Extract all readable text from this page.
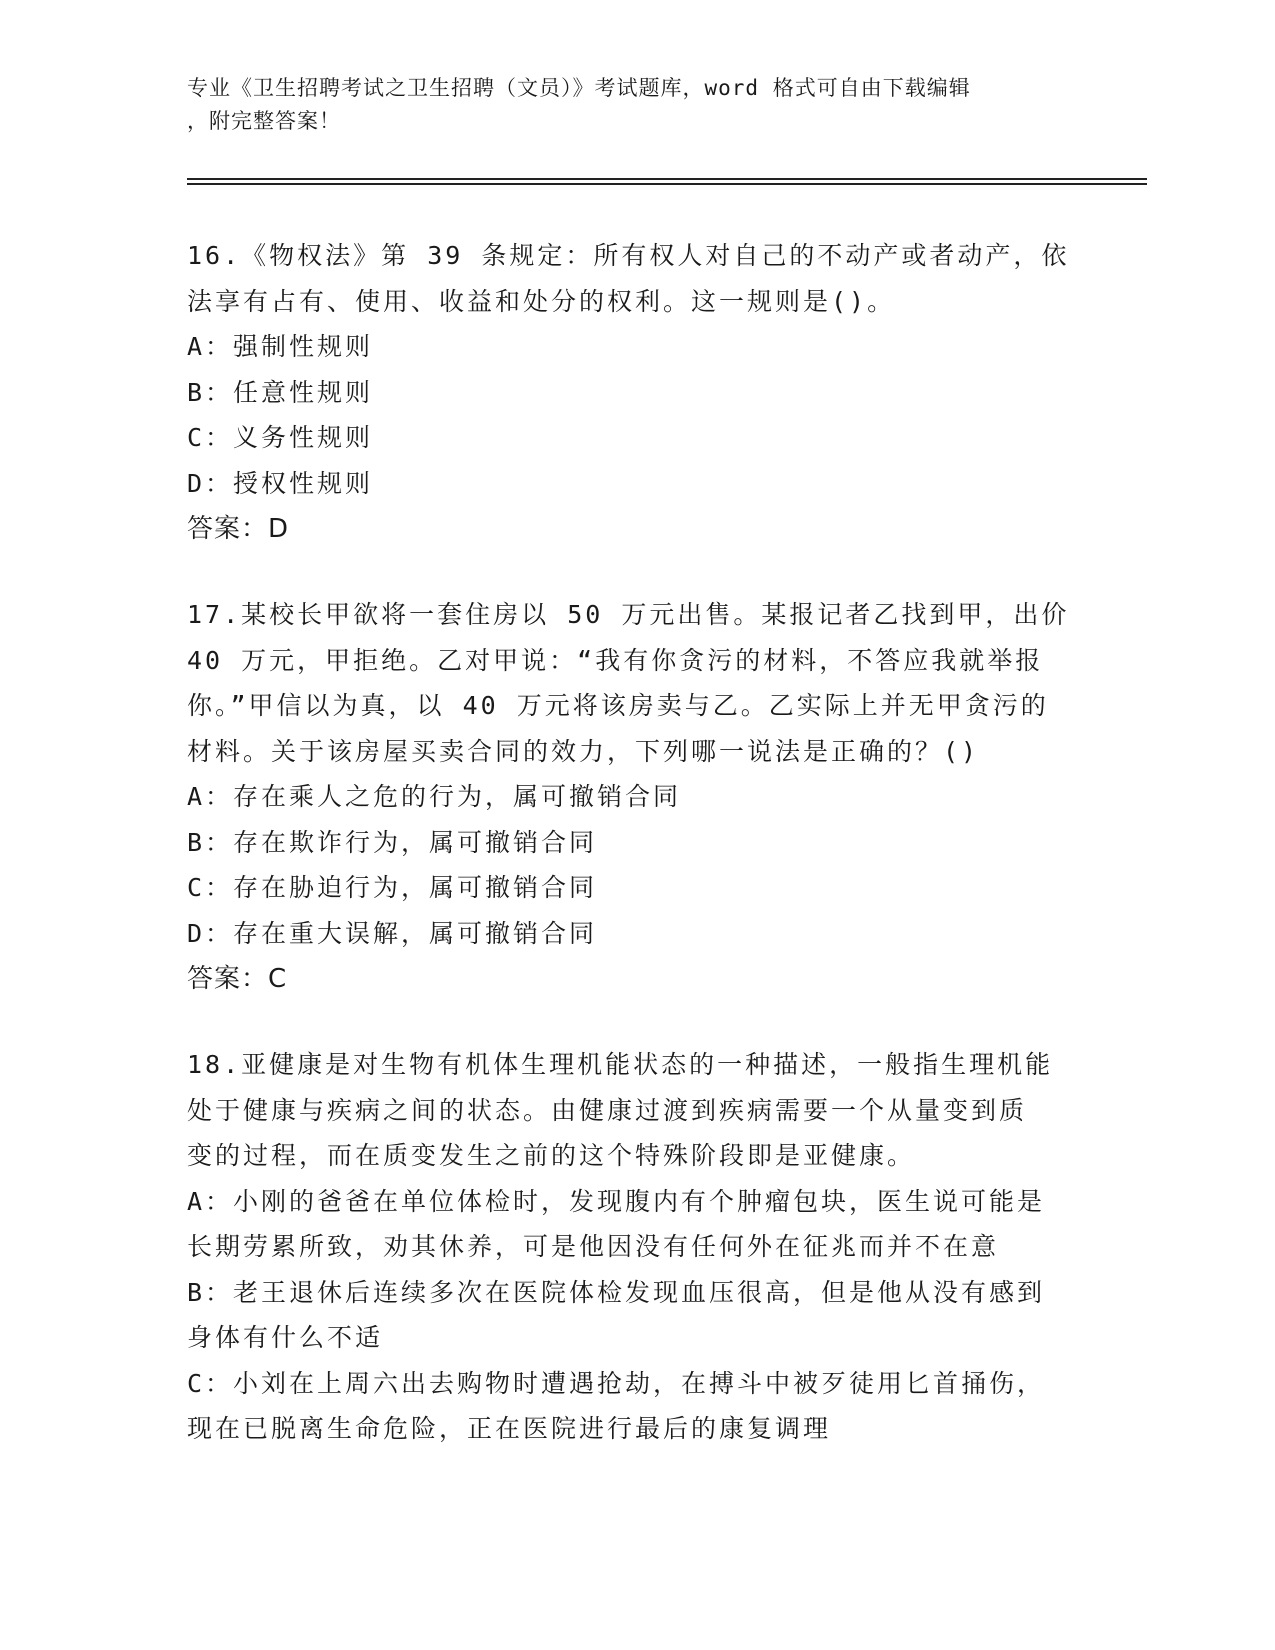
专业《卫生招聘考试之卫生招聘（文员）》考试题库，word 格式可自由下载编辑
，附完整答案！

16.《物权法》第 39 条规定：所有权人对自己的不动产或者动产，依

法享有占有、使用、收益和处分的权利。这一规则是()。

A：强制性规则

B：任意性规则

C：义务性规则

D：授权性规则

答案：D

17.某校长甲欲将一套住房以 50 万元出售。某报记者乙找到甲，出价

40 万元，甲拒绝。乙对甲说：“我有你贪污的材料，不答应我就举报

你。”甲信以为真，以 40 万元将该房卖与乙。乙实际上并无甲贪污的

材料。关于该房屋买卖合同的效力，下列哪一说法是正确的？()

A：存在乘人之危的行为，属可撤销合同

B：存在欺诈行为，属可撤销合同

C：存在胁迫行为，属可撤销合同

D：存在重大误解，属可撤销合同

答案：C

18.亚健康是对生物有机体生理机能状态的一种描述，一般指生理机能

处于健康与疾病之间的状态。由健康过渡到疾病需要一个从量变到质

变的过程，而在质变发生之前的这个特殊阶段即是亚健康。

A：小刚的爸爸在单位体检时，发现腹内有个肿瘤包块，医生说可能是

长期劳累所致，劝其休养，可是他因没有任何外在征兆而并不在意

B：老王退休后连续多次在医院体检发现血压很高，但是他从没有感到

身体有什么不适

C：小刘在上周六出去购物时遭遇抢劫，在搏斗中被歹徒用匕首捅伤，

现在已脱离生命危险，正在医院进行最后的康复调理
